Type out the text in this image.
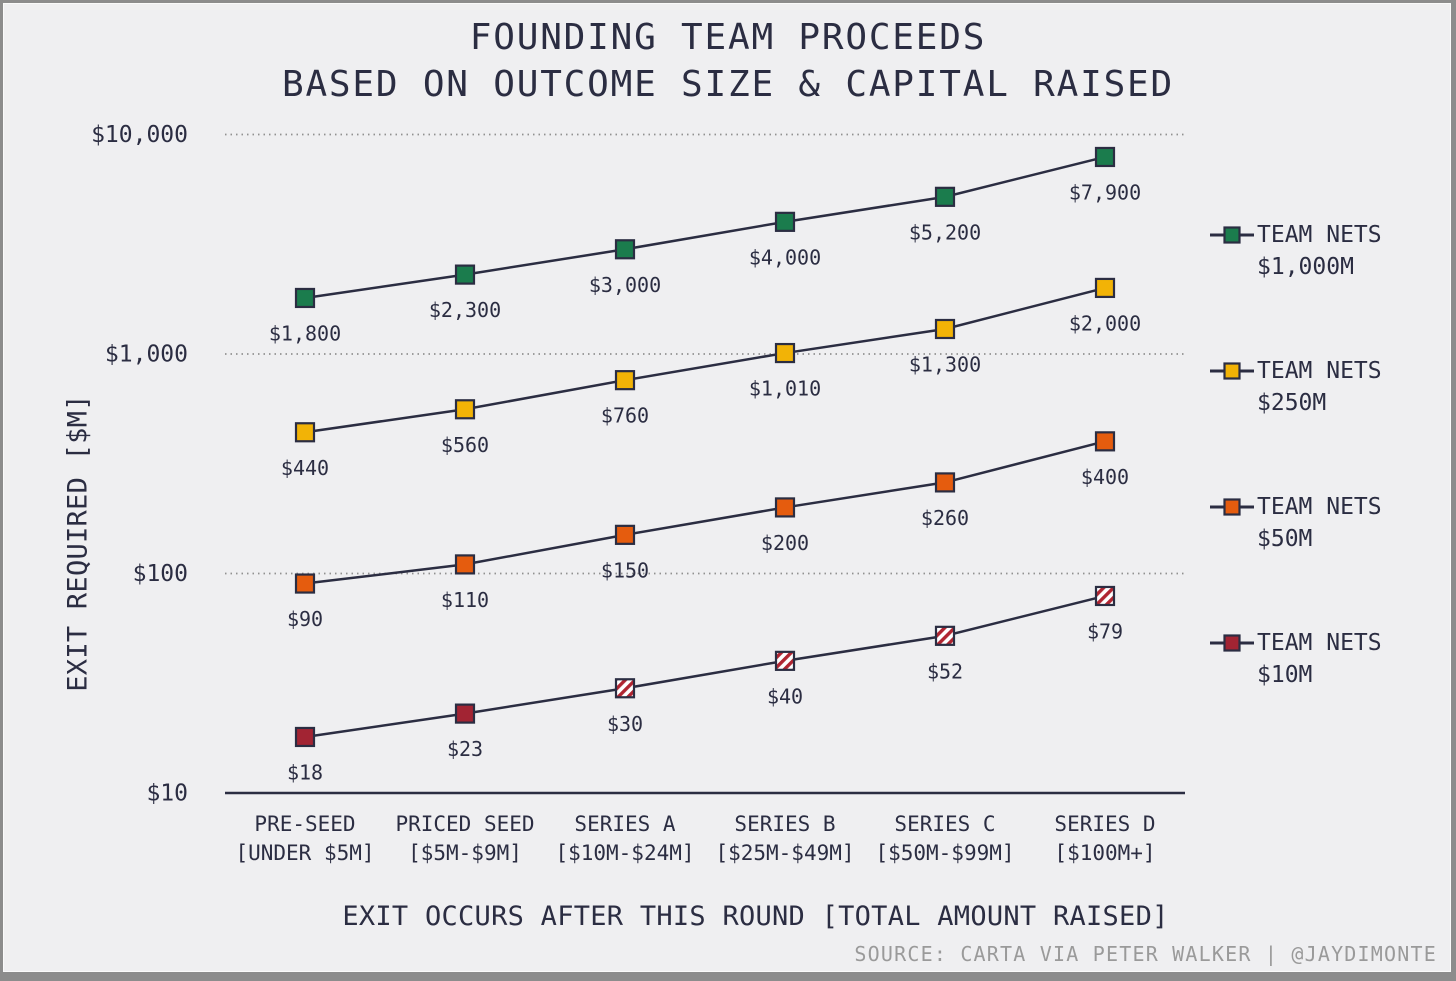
FOUNDING TEAM PROCEEDS
BASED ON OUTCOME SIZE & CAPITAL RAISED
$10
$100
$1,000
$10,000
PRE-SEED
[UNDER $5M]
PRICED SEED
[$5M-$9M]
SERIES A
[$10M-$24M]
SERIES B
[$25M-$49M]
SERIES C
[$50M-$99M]
SERIES D
[$100M+]
$1,800
$2,300
$3,000
$4,000
$5,200
$7,900
$440
$560
$760
$1,010
$1,300
$2,000
$90
$110
$150
$200
$260
$400
$18
$23
$30
$40
$52
$79
EXIT REQUIRED [$M]
EXIT OCCURS AFTER THIS ROUND [TOTAL AMOUNT RAISED]
TEAM NETS
$1,000M
TEAM NETS
$250M
TEAM NETS
$50M
TEAM NETS
$10M
SOURCE: CARTA VIA PETER WALKER | @JAYDIMONTE
